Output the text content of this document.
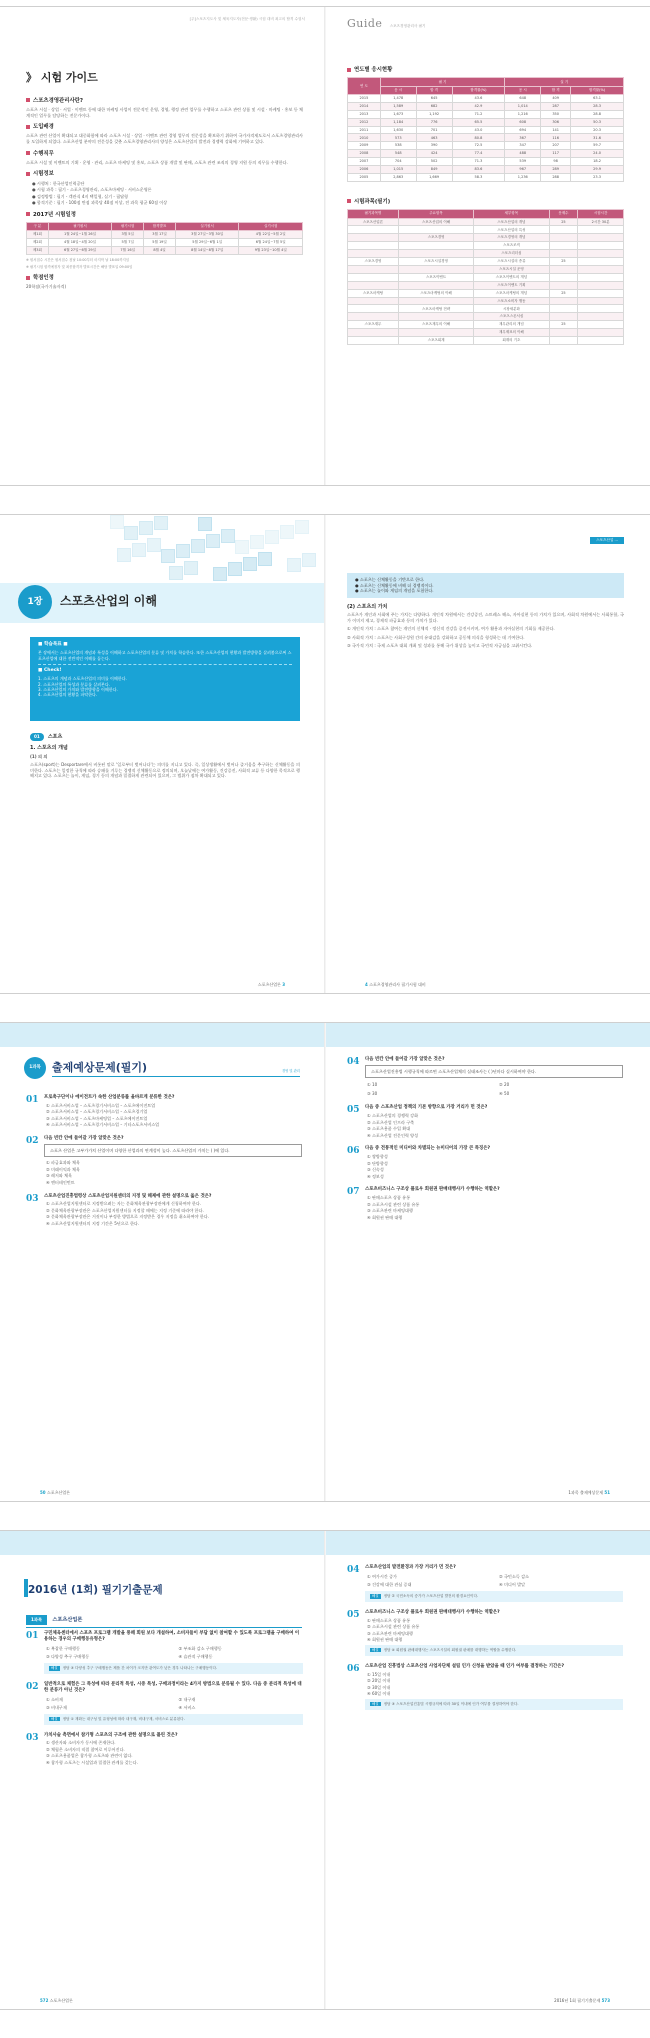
[주]스포츠지도사 및 체육지도자(전문·생활) 시험 대비 최고의 합격 수험서
》 시험 가이드
스포츠경영관리사란?
스포츠 시설 · 상업 · 서업 · 이벤트 등에 대한 마케팅 사업이 전문적인 운영, 경영, 행정 관련 업무를 수행하고 스포츠 관련 상품 및 시설 · 마케팅 · 홍보 등 체계적인 업무를 담당하는 전문가이다.
도입배경
스포츠 관련 산업이 확대되고 대중화함에 따라 스포츠 시설 · 상업 · 이벤트 관련 경영 업무의 전문성을 확보하기 위하여 국가자격제도로서 스포츠경영관리사를 도입하게 되었다. 스포츠산업 분야의 전문성을 갖춘 스포츠경영관리사의 양성은 스포츠산업의 발전과 경쟁력 강화에 기여하고 있다.
수행직무
스포츠 시설 및 이벤트의 기획 · 운영 · 관리, 스포츠 마케팅 및 홍보, 스포츠 상품 개발 및 판매, 스포츠 관련 조직의 경영 지원 등의 직무를 수행한다.
시험정보
● 시행처 : 한국산업인력공단
● 시험 과목 : 필기 - 스포츠경영관리, 스포츠마케팅 · 서비스운영론
● 검정방법 : 필기 - 객관식 4지 택일형, 실기 - 필답형
● 합격기준 : 필기 - 100점 만점 과목당 40점 이상, 전 과목 평균 60점 이상
2017년 시험일정
구 분	필기원서	필기시험	합격발표	실기원서	실기시험
제1회	1월 24일~1월 26일	3월 5일	3월 17일	3월 27일~3월 30일	4월 22일~5월 2일
제2회	4월 18일~4월 20일	5월 7일	5월 19일	5월 29일~6월 1일	6월 24일~7월 5일
제3회	6월 27일~6월 29일	7월 16일	8월 4일	8월 14일~8월 17일	9월 23일~10월 4일
※ 원서접수 시간은 원서접수 첫날 10:00부터 마지막 날 18:00까지임
※ 필기시험 합격예정자 및 최종합격자 발표시간은 해당 발표일 09:00임
학점인정
20학점(국가기술자격)
Guide 스포츠경영관리사 필기
연도별 응시현황
연 도	필 기			실 기		
	응 시	합 격	합격률(%)	응 시	합 격	합격률(%)
2015	1,478	645	43.6	648	409	63.1
2014	1,589	682	42.9	1,014	287	28.3
2013	1,673	1,192	71.2	1,216	350	28.8
2012	1,184	776	65.5	608	306	50.3
2011	1,630	701	43.0	694	141	20.3
2010	573	463	80.8	367	116	31.6
2009	538	390	72.5	347	207	59.7
2008	548	424	77.4	488	117	24.0
2007	704	502	71.3	539	98	18.2
2006	1,015	849	83.6	967	289	29.9
2005	2,863	1,669	58.3	1,236	288	23.3
시험과목(필기)
필기과목명	주요항목	세부항목	문제수	시험시간
스포츠산업론	스포츠산업의 이해	스포츠산업의 개념	25	2시간 30분
		스포츠산업의 특성		
	스포츠경영	스포츠경영의 개념		
		스포츠조직		
		스포츠리더십		
스포츠경영	스포츠시설경영	스포츠시설의 종류	25	
		스포츠시설 운영		
	스포츠이벤트	스포츠이벤트의 개념		
		스포츠이벤트 기획		
스포츠마케팅	스포츠마케팅의 이해	스포츠마케팅의 개념	25	
		스포츠소비자 행동		
	스포츠마케팅 전략	시장세분화		
		스포츠스폰서십		
스포츠재무	스포츠재무의 이해	재무관리의 개념	25	
		재무제표의 이해		
	스포츠회계	회계의 기초		
1장	스포츠산업의 이해
■ 학습목표 ■
본 장에서는 스포츠산업의 개념과 특성을 이해하고 스포츠산업의 분류 및 가치를 학습한다. 또한 스포츠산업의 현황과 발전방향을 살펴봄으로써 스포츠산업에 대한 전반적인 이해를 돕는다.
■ Check!
1. 스포츠의 개념과 스포츠산업의 의미를 이해한다.
2. 스포츠산업의 특성과 분류를 살펴본다.
3. 스포츠산업의 가치와 발전방향을 이해한다.
4. 스포츠산업의 현황을 파악한다.
01 스포츠
1. 스포츠의 개념
(1) 의 의
스포츠(sport)는 Desportare에서 비롯된 말로 '일로부터 벗어나다'는 의미를 지니고 있다. 즉, 일상생활에서 벗어나 즐거움을 추구하는 신체활동을 의미한다. 스포츠는 일정한 규칙에 따라 승패를 겨루는 경쟁적 신체활동으로 정의되며, 오늘날에는 여가활동, 건강증진, 사회적 교류 등 다양한 목적으로 행해지고 있다. 스포츠는 놀이, 게임, 경기 등의 개념과 밀접하게 관련되어 있으며, 그 범위가 점차 확대되고 있다.
스포츠산업론 3
스포츠산업 ...
● 스포츠는 신체활동을 기반으로 한다.
● 스포츠는 신체활동에 비해 더 경쟁적이다.
● 스포츠는 놀이와 게임의 개념을 포함한다.
(2) 스포츠의 가치
스포츠가 개인과 사회에 주는 가치는 다양하다. 개인적 차원에서는 건강증진, 스트레스 해소, 자아실현 등의 가치가 있으며, 사회적 차원에서는 사회통합, 국가 이미지 제고, 경제적 파급효과 등의 가치가 있다.
① 개인적 가치 : 스포츠 참여는 개인의 신체적 · 정신적 건강을 증진시키며, 여가 활용과 자아실현의 기회를 제공한다.
② 사회적 가치 : 스포츠는 사회구성원 간의 유대감을 강화하고 공동체 의식을 형성하는 데 기여한다.
③ 국가적 가치 : 국제 스포츠 대회 개최 및 성과를 통해 국가 위상을 높이고 국민적 자긍심을 고취시킨다.
4 스포츠경영관리사 필기시험 대비
1과목	출제예상문제(필기)	경영 및 관리
01 프로축구단이나 에이전트가 속한 산업분류를 올바르게 분류한 것은?
① 스포츠서비스업 – 스포츠경기서비스업 – 스포츠에이전트업
② 스포츠서비스업 – 스포츠경기서비스업 – 스포츠경기업
③ 스포츠서비스업 – 스포츠마케팅업 – 스포츠에이전트업
④ 스포츠서비스업 – 스포츠경기서비스업 – 기타스포츠서비스업
02 다음 빈칸 안에 들어갈 가장 알맞은 것은?
스포츠 산업은 고부가가치 산업이며 다양한 산업과의 연계성이 높다. 스포츠산업의 가치는 ( )에 있다.
① 파급효과와 체육
② 미래이익과 체육
③ 레저와 체육
④ 엔터테인먼트
03 스포츠산업진흥법령상 스포츠산업지원센터의 지정 및 해제에 관한 설명으로 옳은 것은?
① 스포츠산업지원센터로 지정받으려는 자는 문화체육관광부장관에게 신청하여야 한다.
② 문화체육관광부장관은 스포츠산업지원센터를 지정할 때에는 지정 기준에 따라야 한다.
③ 문화체육관광부장관은 거짓이나 부정한 방법으로 지정받은 경우 지정을 취소하여야 한다.
④ 스포츠산업지원센터의 지정 기간은 5년으로 한다.
50 스포츠산업론
04 다음 빈칸 안에 들어갈 가장 알맞은 것은?
스포츠산업진흥법 시행규칙에 따르면 스포츠산업체의 실태조사는 ( )년마다 실시하여야 한다.
① 10	② 20
③ 30	④ 50
05 다음 중 스포츠산업 정책의 기본 방향으로 가장 거리가 먼 것은?
① 스포츠산업의 경쟁력 강화
② 스포츠산업 인프라 구축
③ 스포츠용품 수입 확대
④ 스포츠산업 전문인력 양성
06 다음 중 전통적인 미디어와 차별되는 뉴미디어의 가장 큰 특징은?
① 쌍방향성
② 단방향성
③ 신속성
④ 정보성
07 스포츠비즈니스 구조상 플로우 회원권 판매대행사가 수행하는 역할은?
① 판매스포츠 상품 유통
② 스포츠시설 관련 상품 유통
③ 스포츠관련 마케팅대행
④ 회원권 판매 대행
1과목 출제예상문제 51
2016년 (1회) 필기기출문제
1과목 스포츠산업론
01 구민체육센터에서 스포츠 프로그램 개발을 통해 회원 보다 개설하여, 소비자들이 부담 없이 참여할 수 있도록 프로그램을 구매하여 이용하는 경우의 구매행동유형은?
① 복잡한 구매행동	② 부조화 감소 구매행동
③ 다양성 추구 구매행동	④ 습관적 구매행동
해설 정답 ③ 다양성 추구 구매행동은 제품 간 차이가 크지만 관여도가 낮은 경우 나타나는 구매행동이다.
02 일반적으로 체험은 그 특성에 따라 분리적 특성, 시중 특성, 구매과정이라는 4가지 방법으로 분류될 수 있다. 다음 중 분리적 특성에 대한 분류가 아닌 것은?
① 소비재	② 내구재
③ 비내구재	④ 서비스
해설 정답 ① 재화는 내구성 및 유형성에 따라 내구재, 비내구재, 서비스로 분류된다.
03 가치사슬 측면에서 참가형 스포츠의 구조에 관한 설명으로 틀린 것은?
① 생산자와 소비자가 동시에 존재한다.
② 체험은 소비자의 직접 참여로 이루어진다.
③ 스포츠용품업은 참가형 스포츠와 관련이 없다.
④ 참가형 스포츠는 시설업과 밀접한 관계를 갖는다.
572 스포츠산업론
04 스포츠산업의 발전환경과 가장 거리가 먼 것은?
① 여가시간 증가	② 국민소득 감소
③ 건강에 대한 관심 증대	④ 미디어 발달
해설 정답 ② 국민소득의 증가가 스포츠산업 발전의 환경요인이다.
05 스포츠비즈니스 구조상 플로우 회원권 판매대행사가 수행하는 역할은?
① 판매스포츠 상품 유통
② 스포츠시설 관련 상품 유통
③ 스포츠관련 마케팅대행
④ 회원권 판매 대행
해설 정답 ④ 회원권 판매대행사는 스포츠시설의 회원권 판매를 대행하는 역할을 수행한다.
06 스포츠산업 진흥법상 스포츠산업 사업자단체 설립 인가 신청을 받았을 때 인가 여부를 결정하는 기간은?
① 15일 이내
② 20일 이내
③ 30일 이내
④ 60일 이내
해설 정답 ③ 스포츠산업진흥법 시행규칙에 따라 30일 이내에 인가 여부를 결정하여야 한다.
2016년 1회 필기기출문제 573
